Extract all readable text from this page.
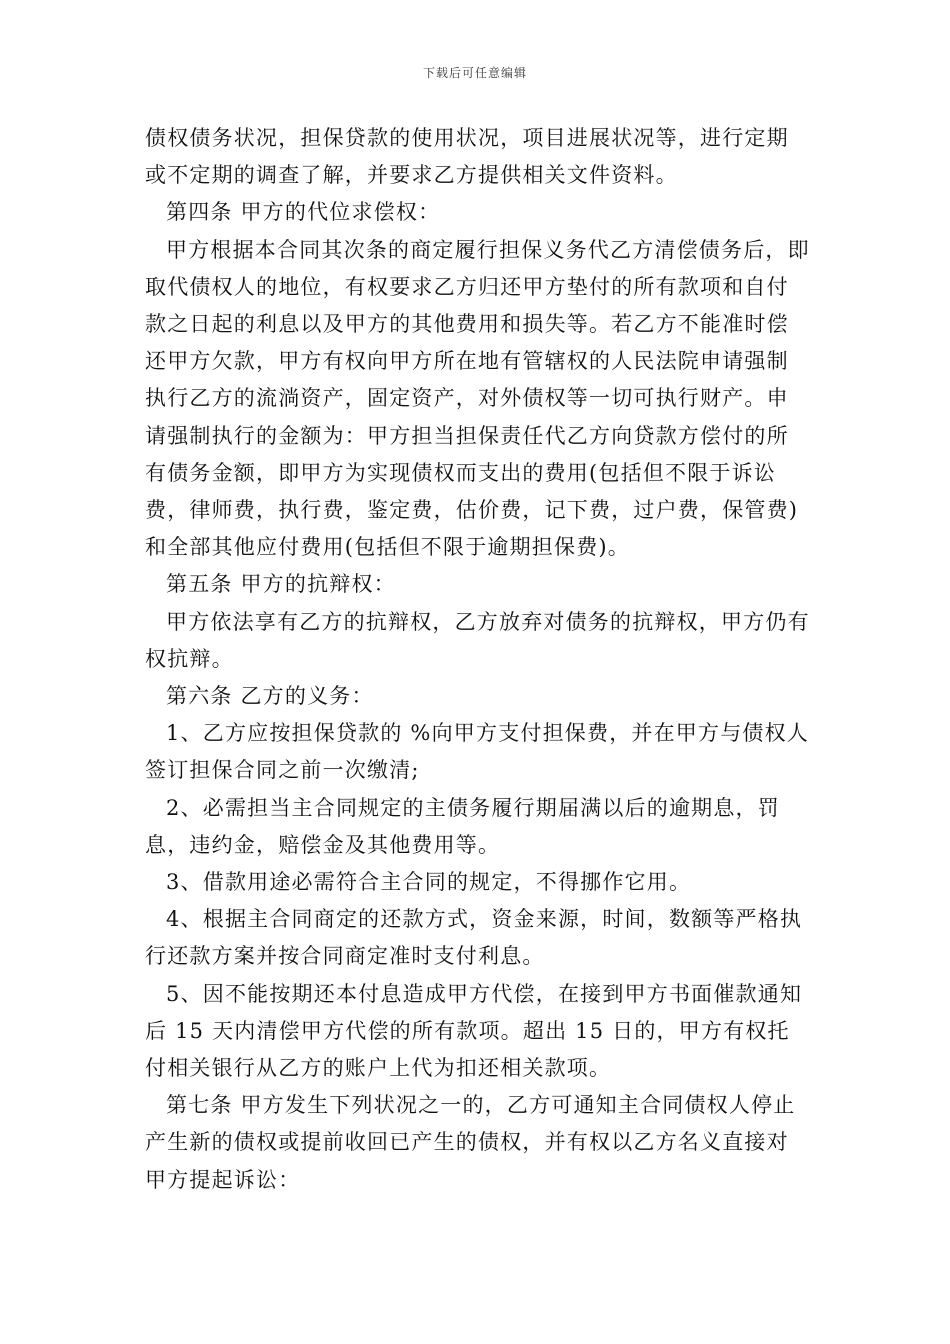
下载后可任意编辑

债权债务状况，担保贷款的使用状况，项目进展状况等，进行定期或不定期的调查了解，并要求乙方提供相关文件资料。

第四条 甲方的代位求偿权：

甲方根据本合同其次条的商定履行担保义务代乙方清偿债务后，即取代债权人的地位，有权要求乙方归还甲方垫付的所有款项和自付款之日起的利息以及甲方的其他费用和损失等。若乙方不能准时偿还甲方欠款，甲方有权向甲方所在地有管辖权的人民法院申请强制执行乙方的流淌资产，固定资产，对外债权等一切可执行财产。申请强制执行的金额为：甲方担当担保责任代乙方向贷款方偿付的所有债务金额，即甲方为实现债权而支出的费用(包括但不限于诉讼费，律师费，执行费，鉴定费，估价费，记下费，过户费，保管费)和全部其他应付费用(包括但不限于逾期担保费)。

第五条 甲方的抗辩权：

甲方依法享有乙方的抗辩权，乙方放弃对债务的抗辩权，甲方仍有权抗辩。

第六条 乙方的义务：

1、乙方应按担保贷款的 %向甲方支付担保费，并在甲方与债权人签订担保合同之前一次缴清;

2、必需担当主合同规定的主债务履行期届满以后的逾期息，罚息，违约金，赔偿金及其他费用等。

3、借款用途必需符合主合同的规定，不得挪作它用。

4、根据主合同商定的还款方式，资金来源，时间，数额等严格执行还款方案并按合同商定准时支付利息。

5、因不能按期还本付息造成甲方代偿，在接到甲方书面催款通知后 15 天内清偿甲方代偿的所有款项。超出 15 日的，甲方有权托付相关银行从乙方的账户上代为扣还相关款项。

第七条 甲方发生下列状况之一的，乙方可通知主合同债权人停止产生新的债权或提前收回已产生的债权，并有权以乙方名义直接对甲方提起诉讼：
